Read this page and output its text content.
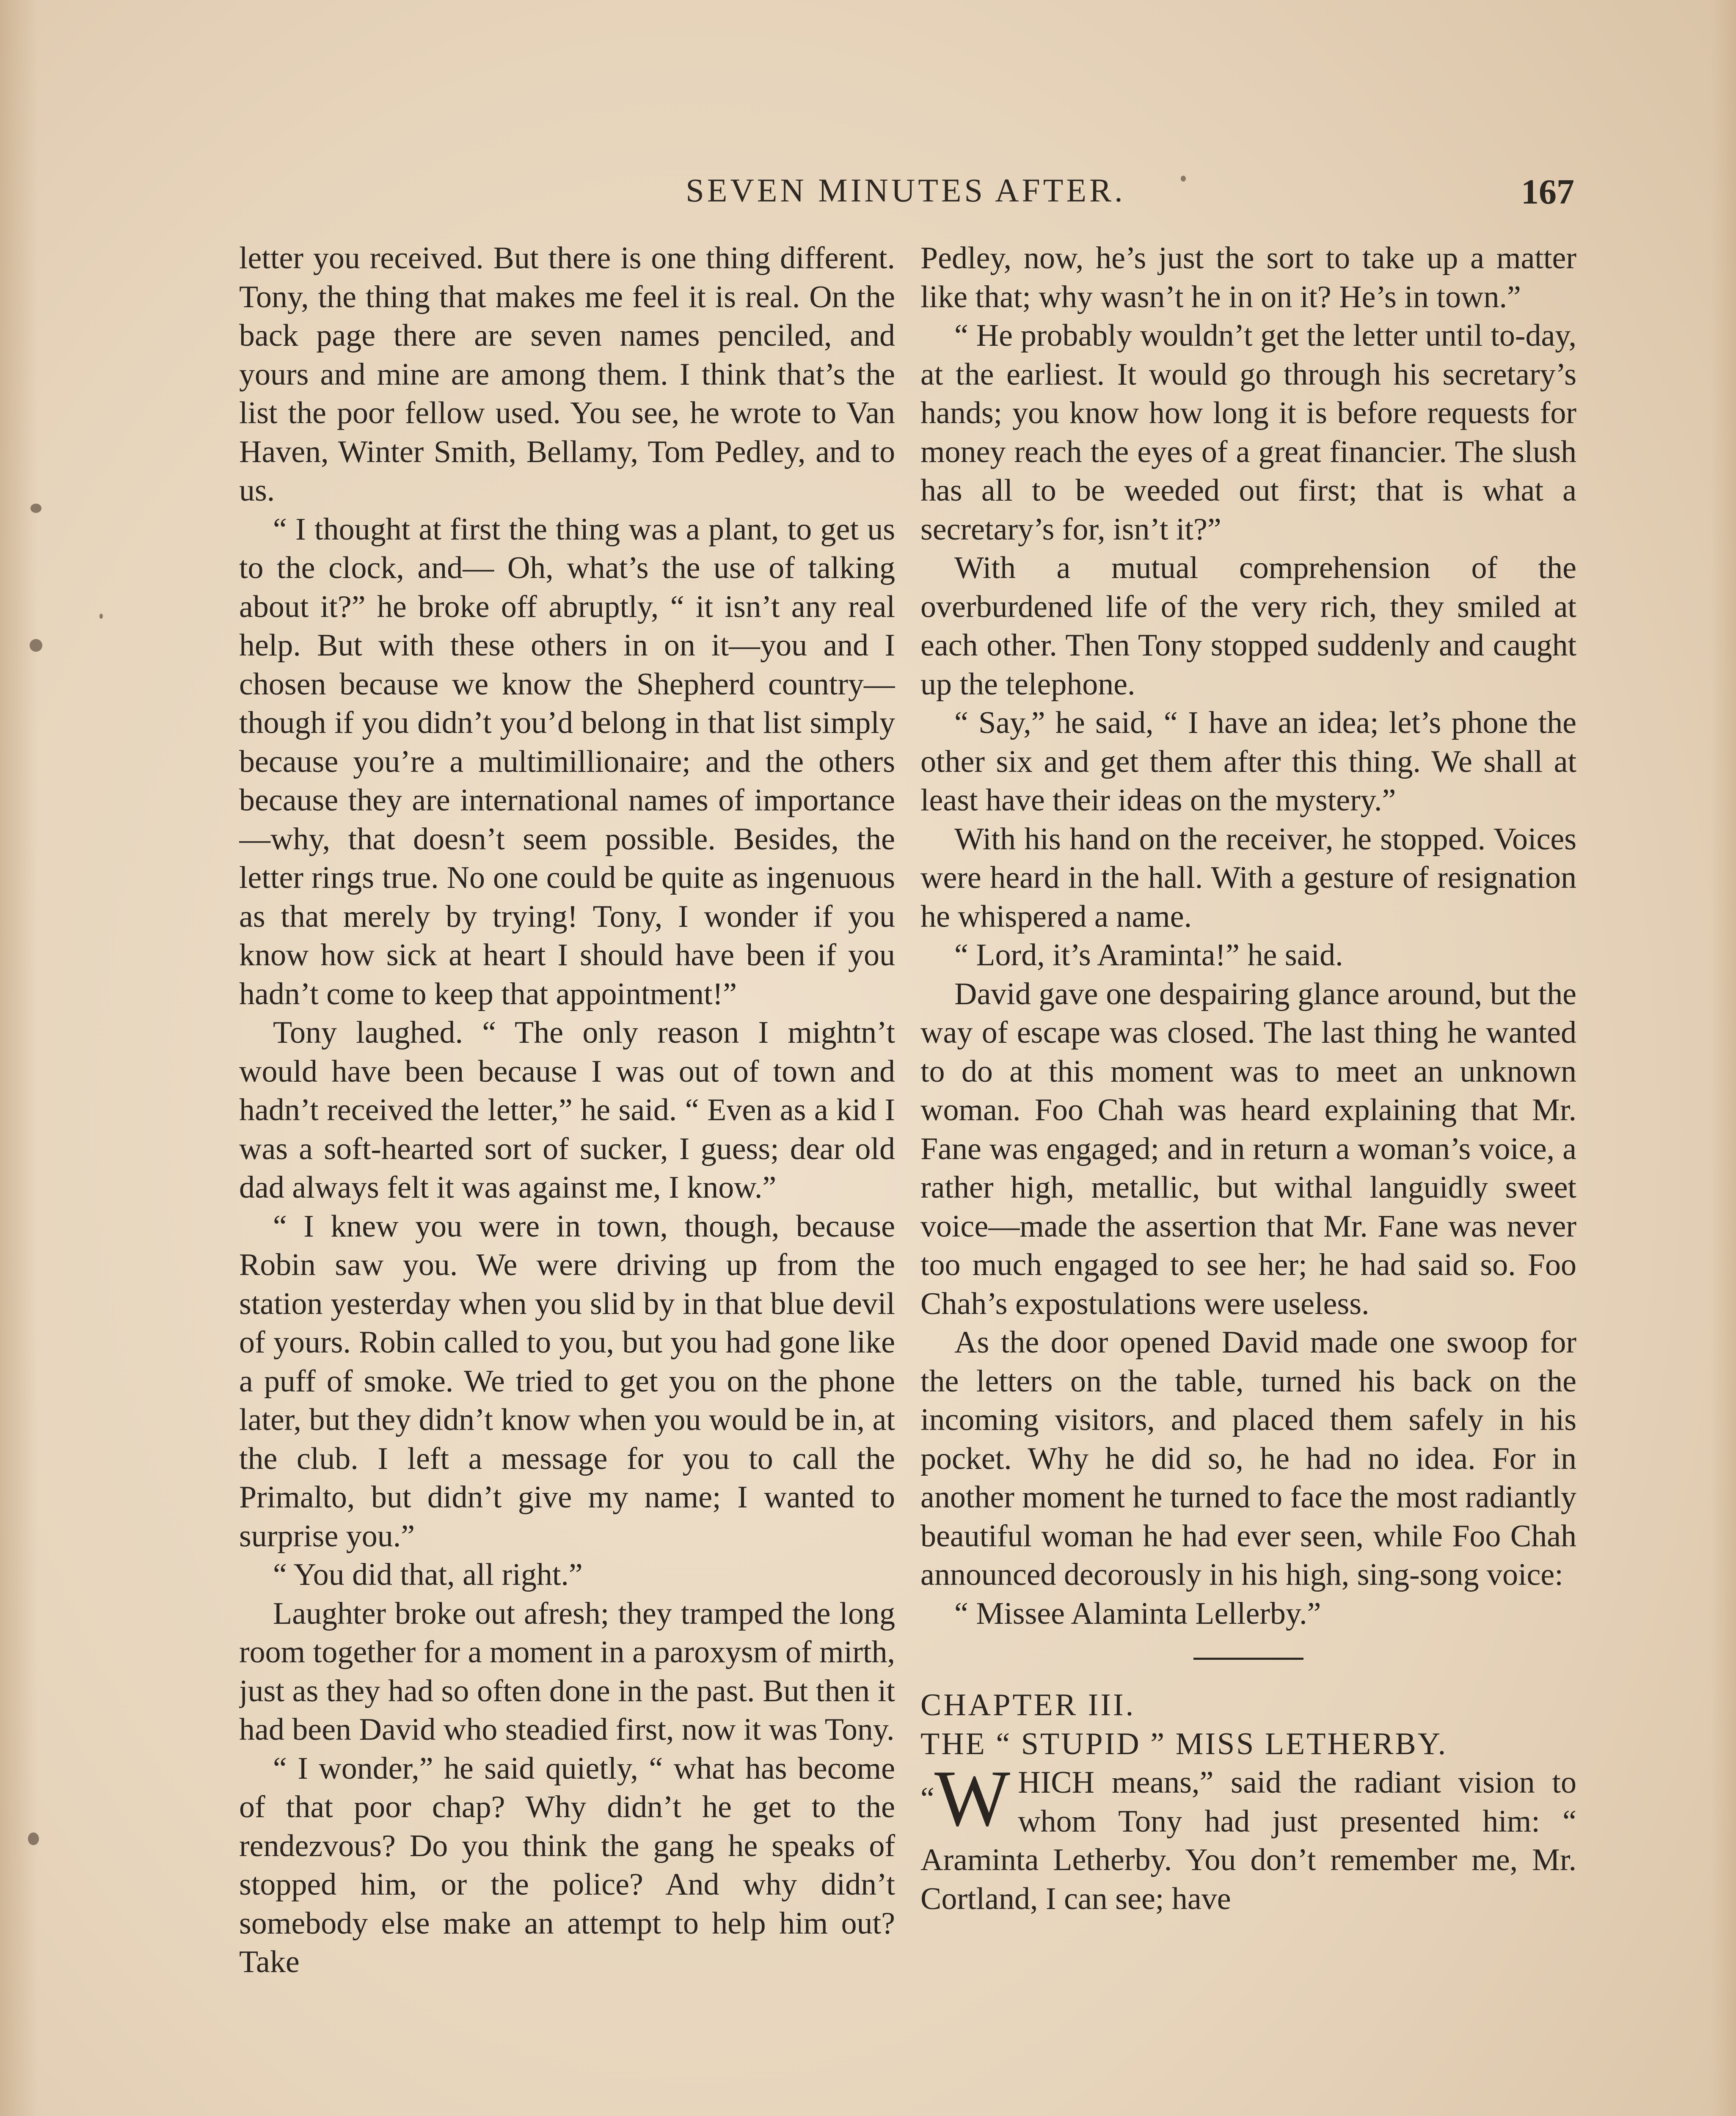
SEVEN MINUTES AFTER.	167

letter you received. But there is one thing different. Tony, the thing that makes me feel it is real. On the back page there are seven names penciled, and yours and mine are among them. I think that’s the list the poor fellow used. You see, he wrote to Van Haven, Winter Smith, Bellamy, Tom Pedley, and to us.

“ I thought at first the thing was a plant, to get us to the clock, and— Oh, what’s the use of talking about it?” he broke off abruptly, “ it isn’t any real help. But with these others in on it—you and I chosen because we know the Shepherd country—though if you didn’t you’d belong in that list simply because you’re a multimillionaire; and the others because they are international names of importance—why, that doesn’t seem possible. Besides, the letter rings true. No one could be quite as ingenuous as that merely by trying! Tony, I wonder if you know how sick at heart I should have been if you hadn’t come to keep that appointment!”

Tony laughed. “ The only reason I mightn’t would have been because I was out of town and hadn’t received the letter,” he said. “ Even as a kid I was a soft-hearted sort of sucker, I guess; dear old dad always felt it was against me, I know.”

“ I knew you were in town, though, because Robin saw you. We were driving up from the station yesterday when you slid by in that blue devil of yours. Robin called to you, but you had gone like a puff of smoke. We tried to get you on the phone later, but they didn’t know when you would be in, at the club. I left a message for you to call the Primalto, but didn’t give my name; I wanted to surprise you.”

“ You did that, all right.”

Laughter broke out afresh; they tramped the long room together for a moment in a paroxysm of mirth, just as they had so often done in the past. But then it had been David who steadied first, now it was Tony.

“ I wonder,” he said quietly, “ what has become of that poor chap? Why didn’t he get to the rendezvous? Do you think the gang he speaks of stopped him, or the police? And why didn’t somebody else make an attempt to help him out? Take

Pedley, now, he’s just the sort to take up a matter like that; why wasn’t he in on it? He’s in town.”

“ He probably wouldn’t get the letter until to-day, at the earliest. It would go through his secretary’s hands; you know how long it is before requests for money reach the eyes of a great financier. The slush has all to be weeded out first; that is what a secretary’s for, isn’t it?”

With a mutual comprehension of the overburdened life of the very rich, they smiled at each other. Then Tony stopped suddenly and caught up the telephone.

“ Say,” he said, “ I have an idea; let’s phone the other six and get them after this thing. We shall at least have their ideas on the mystery.”

With his hand on the receiver, he stopped. Voices were heard in the hall. With a gesture of resignation he whispered a name.

“ Lord, it’s Araminta!” he said.

David gave one despairing glance around, but the way of escape was closed. The last thing he wanted to do at this moment was to meet an unknown woman. Foo Chah was heard explaining that Mr. Fane was engaged; and in return a woman’s voice, a rather high, metallic, but withal languidly sweet voice—made the assertion that Mr. Fane was never too much engaged to see her; he had said so. Foo Chah’s expostulations were useless.

As the door opened David made one swoop for the letters on the table, turned his back on the incoming visitors, and placed them safely in his pocket. Why he did so, he had no idea. For in another moment he turned to face the most radiantly beautiful woman he had ever seen, while Foo Chah announced decorously in his high, sing-song voice:

“ Missee Alaminta Lellerby.”

CHAPTER III.

THE “ STUPID ” MISS LETHERBY.

“W HICH means,” said the radiant vision to whom Tony had just presented him: “ Araminta Letherby. You don’t remember me, Mr. Cortland, I can see; have
